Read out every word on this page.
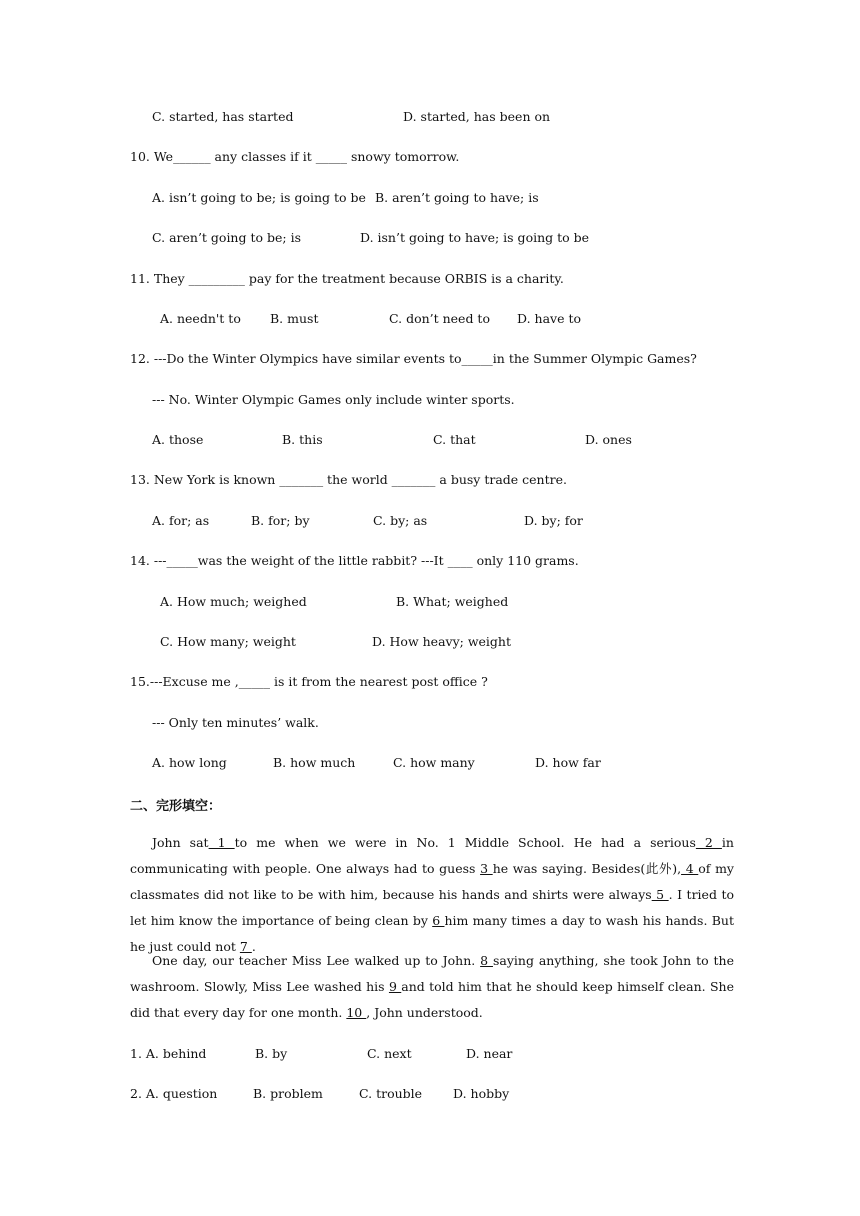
C. started, has started	D. started, has been on
10. We______ any classes if it _____ snowy tomorrow.
A. isn’t going to be; is going to be B. aren’t going to have; is
C. aren’t going to be; is	D. isn’t going to have; is going to be
11. They _________ pay for the treatment because ORBIS is a charity.
A. needn't to B. must	C. don’t need to D. have to
12. ---Do the Winter Olympics have similar events to_____in the Summer Olympic Games?
--- No. Winter Olympic Games only include winter sports.
A. those	B. this	C. that	D. ones
13. New York is known _______ the world _______ a busy trade centre.
A. for; as	B. for; by	C. by; as	D. by; for
14. ---_____was the weight of the little rabbit? ---It ____ only 110 grams.
A. How much; weighed	B. What; weighed
C. How many; weight	D. How heavy; weight
15.---Excuse me ,_____ is it from the nearest post office ?
--- Only ten minutes’ walk.
A. how long	B. how much	C. how many	D. how far
二、完形填空：
John sat 1 to me when we were in No. 1 Middle School. He had a serious 2 in communicating with people. One always had to guess 3 he was saying. Besides(此外), 4 of my classmates did not like to be with him, because his hands and shirts were always 5 . I tried to let him know the importance of being clean by 6 him many times a day to wash his hands. But he just could not 7 .
One day, our teacher Miss Lee walked up to John. 8 saying anything, she took John to the washroom. Slowly, Miss Lee washed his 9 and told him that he should keep himself clean. She did that every day for one month. 10 , John understood.
1. A. behind	B. by	C. next	D. near
2. A. question	B. problem	C. trouble D. hobby
